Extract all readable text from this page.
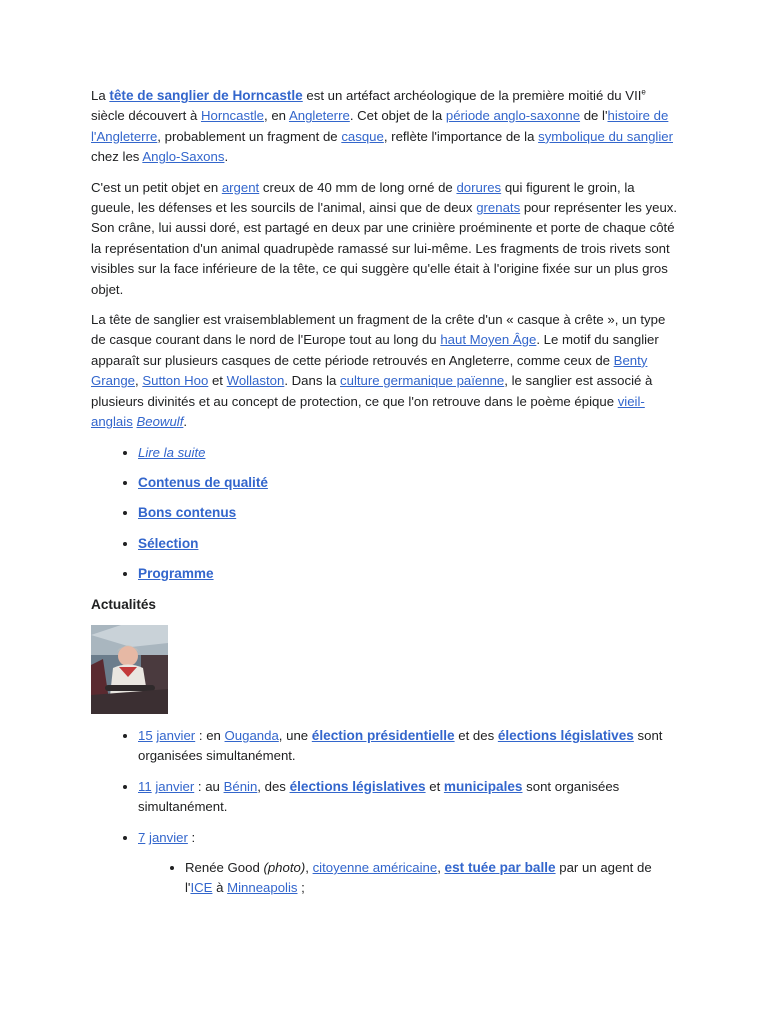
La tête de sanglier de Horncastle est un artéfact archéologique de la première moitié du VIIe siècle découvert à Horncastle, en Angleterre. Cet objet de la période anglo-saxonne de l'histoire de l'Angleterre, probablement un fragment de casque, reflète l'importance de la symbolique du sanglier chez les Anglo-Saxons.

C'est un petit objet en argent creux de 40 mm de long orné de dorures qui figurent le groin, la gueule, les défenses et les sourcils de l'animal, ainsi que de deux grenats pour représenter les yeux. Son crâne, lui aussi doré, est partagé en deux par une crinière proéminente et porte de chaque côté la représentation d'un animal quadrupède ramassé sur lui-même. Les fragments de trois rivets sont visibles sur la face inférieure de la tête, ce qui suggère qu'elle était à l'origine fixée sur un plus gros objet.

La tête de sanglier est vraisemblablement un fragment de la crête d'un « casque à crête », un type de casque courant dans le nord de l'Europe tout au long du haut Moyen Âge. Le motif du sanglier apparaît sur plusieurs casques de cette période retrouvés en Angleterre, comme ceux de Benty Grange, Sutton Hoo et Wollaston. Dans la culture germanique païenne, le sanglier est associé à plusieurs divinités et au concept de protection, ce que l'on retrouve dans le poème épique vieil-anglais Beowulf.

• Lire la suite
• Contenus de qualité
• Bons contenus
• Sélection
• Programme
Actualités
• 15 janvier : en Ouganda, une élection présidentielle et des élections législatives sont organisées simultanément.
• 11 janvier : au Bénin, des élections législatives et municipales sont organisées simultanément.
• 7 janvier :
• Renée Good (photo), citoyenne américaine, est tuée par balle par un agent de l'ICE à Minneapolis ;
